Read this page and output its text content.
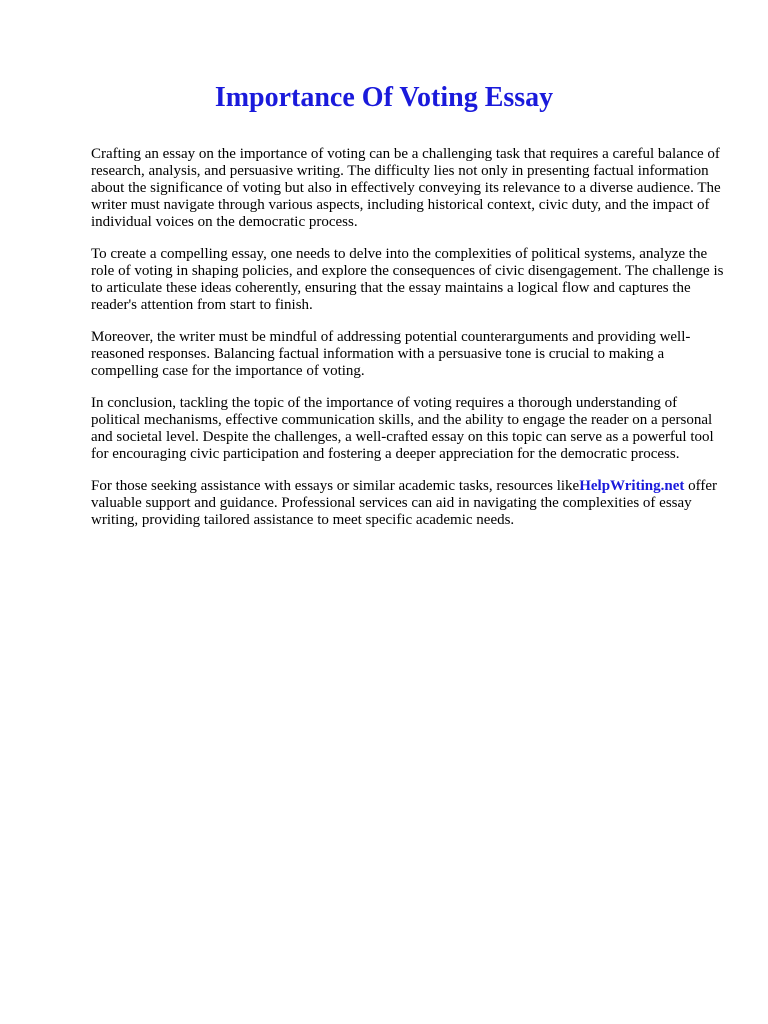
Importance Of Voting Essay

Crafting an essay on the importance of voting can be a challenging task that requires a careful balance of research, analysis, and persuasive writing. The difficulty lies not only in presenting factual information about the significance of voting but also in effectively conveying its relevance to a diverse audience. The writer must navigate through various aspects, including historical context, civic duty, and the impact of individual voices on the democratic process.

To create a compelling essay, one needs to delve into the complexities of political systems, analyze the role of voting in shaping policies, and explore the consequences of civic disengagement. The challenge is to articulate these ideas coherently, ensuring that the essay maintains a logical flow and captures the reader's attention from start to finish.

Moreover, the writer must be mindful of addressing potential counterarguments and providing well-reasoned responses. Balancing factual information with a persuasive tone is crucial to making a compelling case for the importance of voting.

In conclusion, tackling the topic of the importance of voting requires a thorough understanding of political mechanisms, effective communication skills, and the ability to engage the reader on a personal and societal level. Despite the challenges, a well-crafted essay on this topic can serve as a powerful tool for encouraging civic participation and fostering a deeper appreciation for the democratic process.

For those seeking assistance with essays or similar academic tasks, resources likeHelpWriting.net offer valuable support and guidance. Professional services can aid in navigating the complexities of essay writing, providing tailored assistance to meet specific academic needs.
